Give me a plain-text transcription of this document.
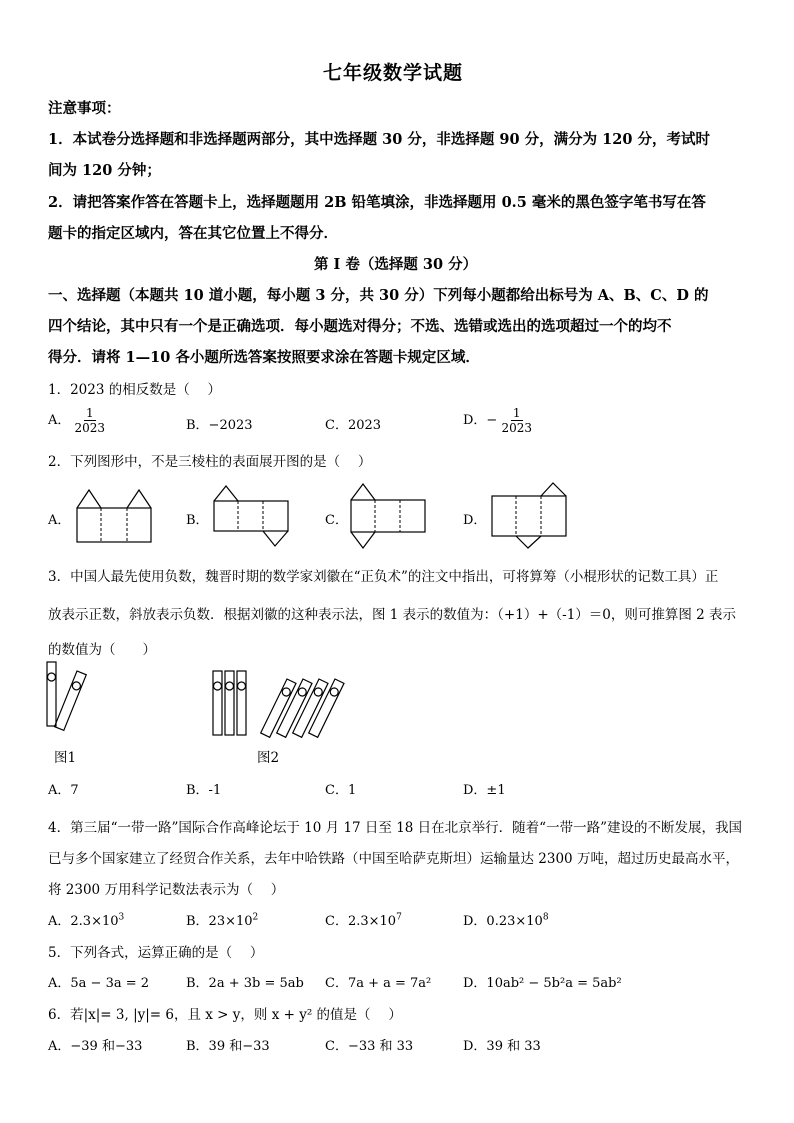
七年级数学试题
注意事项：
1．本试卷分选择题和非选择题两部分，其中选择题 30 分，非选择题 90 分，满分为 120 分，考试时
间为 120 分钟；
2．请把答案作答在答题卡上，选择题题用 2B 铅笔填涂，非选择题用 0.5 毫米的黑色签字笔书写在答
题卡的指定区域内，答在其它位置上不得分．
第 I 卷（选择题 30 分）
一、选择题（本题共 10 道小题，每小题 3 分，共 30 分）下列每小题都给出标号为 A、B、C、D 的
四个结论，其中只有一个是正确选项．每小题选对得分；不选、选错或选出的选项超过一个的均不
得分．请将 1—10 各小题所选答案按照要求涂在答题卡规定区域．
1．2023 的相反数是（　 ）
A． $\frac{1}{2023}$	B．−2023	C．2023	D．− $\frac{1}{2023}$
2．下列图形中，不是三棱柱的表面展开图的是（　 ）
A．	B．	C．	D．
3．中国人最先使用负数，魏晋时期的数学家刘徽在“正负术”的注文中指出，可将算筹（小棍形状的记数工具）正
放表示正数，斜放表示负数．根据刘徽的这种表示法，图 1 表示的数值为：（+1）+（-1）＝0，则可推算图 2 表示
的数值为（　　）
图1	图2
A．7	B．-1	C．1	D．±1
4．第三届“一带一路”国际合作高峰论坛于 10 月 17 日至 18 日在北京举行．随着“一带一路”建设的不断发展，我国
已与多个国家建立了经贸合作关系，去年中哈铁路（中国至哈萨克斯坦）运输量达 2300 万吨，超过历史最高水平，
将 2300 万用科学记数法表示为（　 ）
A．$2.3\times 10^3$	B．$23\times 10^2$	C．$2.3\times 10^7$	D．$0.23\times 10^8$
5．下列各式，运算正确的是（　 ）
A．5a − 3a = 2	B．2a + 3b = 5ab C．7a + a = 7a² D．10ab² − 5b²a = 5ab²
6．若|x|= 3, |y|= 6，且 x > y，则 x + y² 的值是（　 ）
A．−39 和−33	B．39 和−33	C．−33 和 33	D．39 和 33
